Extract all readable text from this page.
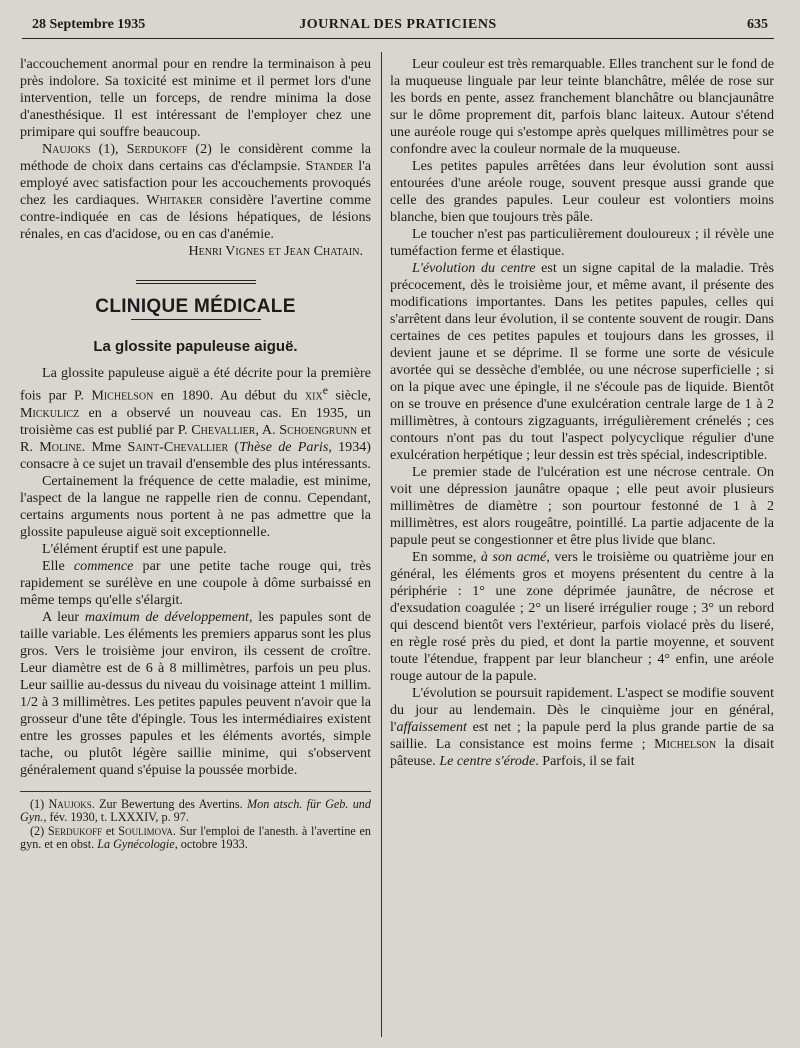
28 Septembre 1935	JOURNAL DES PRATICIENS	635

l'accouchement anormal pour en rendre la terminaison à peu près indolore. Sa toxicité est minime et il permet lors d'une intervention, telle un forceps, de rendre minima la dose d'anesthésique. Il est intéressant de l'employer chez une primipare qui souffre beaucoup.

Naujoks (1), Serdukoff (2) le considèrent comme la méthode de choix dans certains cas d'éclampsie. Stander l'a employé avec satisfaction pour les accouchements provoqués chez les cardiaques. Whitaker considère l'avertine comme contre-indiquée en cas de lésions hépatiques, de lésions rénales, en cas d'acidose, ou en cas d'anémie.

Henri Vignes et Jean Chatain.

CLINIQUE MÉDICALE
La glossite papuleuse aiguë.

La glossite papuleuse aiguë a été décrite pour la première fois par P. Michelson en 1890. Au début du xix$^e$ siècle, Mickulicz en a observé un nouveau cas. En 1935, un troisième cas est publié par P. Chevallier, A. Schoengrunn et R. Moline. Mme Saint-Chevallier (Thèse de Paris, 1934) consacre à ce sujet un travail d'ensemble des plus intéressants.

Certainement la fréquence de cette maladie, est minime, l'aspect de la langue ne rappelle rien de connu. Cependant, certains arguments nous portent à ne pas admettre que la glossite papuleuse aiguë soit exceptionnelle.

L'élément éruptif est une papule.

Elle commence par une petite tache rouge qui, très rapidement se surélève en une coupole à dôme surbaissé en même temps qu'elle s'élargit.

A leur maximum de développement, les papules sont de taille variable. Les éléments les premiers apparus sont les plus gros. Vers le troisième jour environ, ils cessent de croître. Leur diamètre est de 6 à 8 millimètres, parfois un peu plus. Leur saillie au-dessus du niveau du voisinage atteint 1 millim. 1/2 à 3 millimètres. Les petites papules peuvent n'avoir que la grosseur d'une tête d'épingle. Tous les intermédiaires existent entre les grosses papules et les éléments avortés, simple tache, ou plutôt légère saillie minime, qui s'observent généralement quand s'épuise la poussée morbide.

(1) Naujoks. Zur Bewertung des Avertins. Mon atsch. für Geb. und Gyn., fév. 1930, t. LXXXIV, p. 97.

(2) Serdukoff et Soulimova. Sur l'emploi de l'anesth. à l'avertine en gyn. et en obst. La Gynécologie, octobre 1933.

Leur couleur est très remarquable. Elles tranchent sur le fond de la muqueuse linguale par leur teinte blanchâtre, mêlée de rose sur les bords en pente, assez franchement blanchâtre ou blancjaunâtre sur le dôme proprement dit, parfois blanc laiteux. Autour s'étend une auréole rouge qui s'estompe après quelques millimètres pour se confondre avec la couleur normale de la muqueuse.

Les petites papules arrêtées dans leur évolution sont aussi entourées d'une aréole rouge, souvent presque aussi grande que celle des grandes papules. Leur couleur est volontiers moins blanche, bien que toujours très pâle.

Le toucher n'est pas particulièrement douloureux ; il révèle une tuméfaction ferme et élastique.

L'évolution du centre est un signe capital de la maladie. Très précocement, dès le troisième jour, et même avant, il présente des modifications importantes. Dans les petites papules, celles qui s'arrêtent dans leur évolution, il se contente souvent de rougir. Dans certaines de ces petites papules et toujours dans les grosses, il devient jaune et se déprime. Il se forme une sorte de vésicule avortée qui se dessèche d'emblée, ou une nécrose superficielle ; si on la pique avec une épingle, il ne s'écoule pas de liquide. Bientôt on se trouve en présence d'une exulcération centrale large de 1 à 2 millimètres, à contours zigzaguants, irrégulièrement crénelés ; ces contours n'ont pas du tout l'aspect polycyclique régulier d'une exulcération herpétique ; leur dessin est très spécial, indescriptible.

Le premier stade de l'ulcération est une nécrose centrale. On voit une dépression jaunâtre opaque ; elle peut avoir plusieurs millimètres de diamètre ; son pourtour festonné de 1 à 2 millimètres, est alors rougeâtre, pointillé. La partie adjacente de la papule peut se congestionner et être plus livide que blanc.

En somme, à son acmé, vers le troisième ou quatrième jour en général, les éléments gros et moyens présentent du centre à la périphérie : 1° une zone déprimée jaunâtre, de nécrose et d'exsudation coagulée ; 2° un liseré irrégulier rouge ; 3° un rebord qui descend bientôt vers l'extérieur, parfois violacé près du liseré, en règle rosé près du pied, et dont la partie moyenne, et souvent toute l'étendue, frappent par leur blancheur ; 4° enfin, une aréole rouge autour de la papule.

L'évolution se poursuit rapidement. L'aspect se modifie souvent du jour au lendemain. Dès le cinquième jour en général, l'affaissement est net ; la papule perd la plus grande partie de sa saillie. La consistance est moins ferme ; Michelson la disait pâteuse. Le centre s'érode. Parfois, il se fait
